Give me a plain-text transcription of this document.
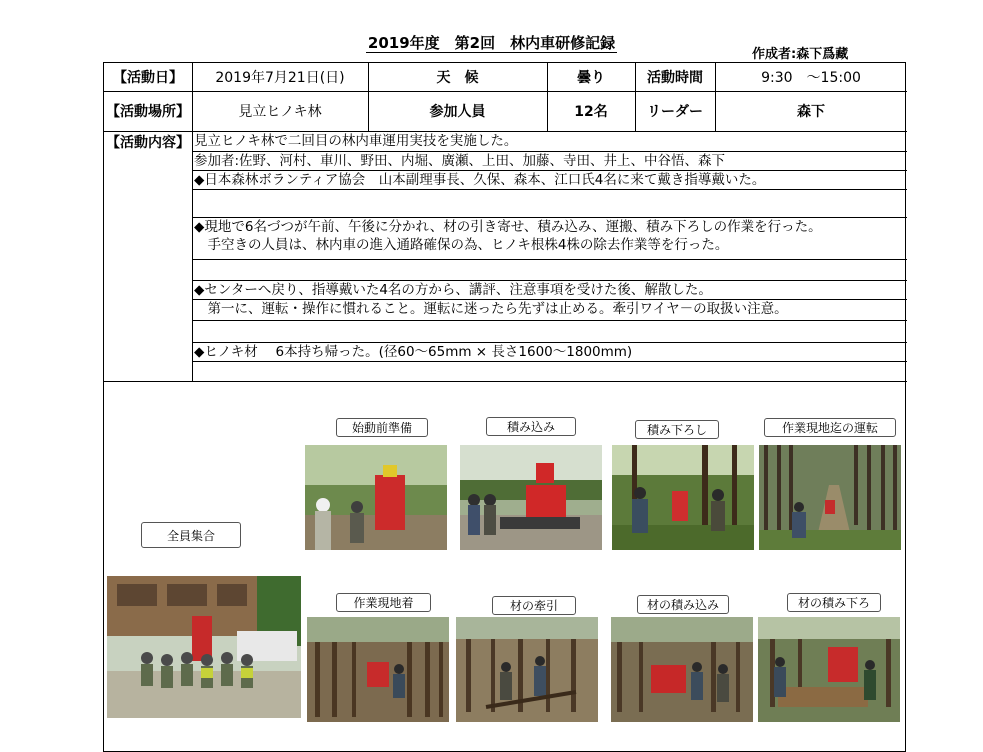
2019年度　第2回　林内車研修記録
作成者:森下爲藏
【活動日】	2019年7月21日(日)	天　候	曇り	活動時間	9:30　～15:00
【活動場所】	見立ヒノキ林	参加人員	12名	リーダー	森下
【活動内容】 見立ヒノキ林で二回目の林内車運用実技を実施した。
参加者:佐野、河村、車川、野田、内堀、廣瀬、上田、加藤、寺田、井上、中谷悟、森下
◆日本森林ボランティア協会　山本副理事長、久保、森本、江口氏4名に来て戴き指導戴いた。
◆現地で6名づつが午前、午後に分かれ、材の引き寄せ、積み込み、運搬、積み下ろしの作業を行った。
　手空きの人員は、林内車の進入通路確保の為、ヒノキ根株4株の除去作業等を行った。
◆センターへ戻り、指導戴いた4名の方から、講評、注意事項を受けた後、解散した。
　第一に、運転・操作に慣れること。運転に迷ったら先ずは止める。牽引ワイヤ－の取扱い注意。
◆ヒノキ材　 6本持ち帰った。(径60～65mm × 長さ1600～1800mm)
全員集合
始動前準備	積み込み	積み下ろし	作業現地迄の運転
作業現地着	材の牽引	材の積み込み	材の積み下ろ
